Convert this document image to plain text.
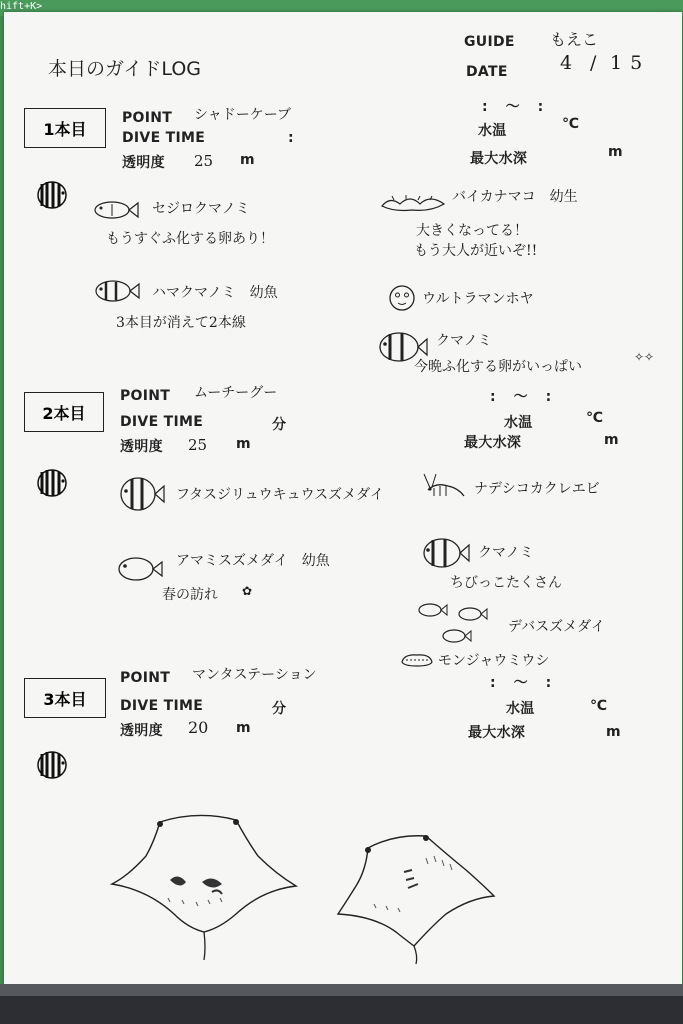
hift+K>
本日のガイドLOG
GUIDE もえこ
DATE	4 / 15
1本目
POINT シャドーケーブ
DIVE TIME	:
透明度 25 m
:　～　:
水温	℃
最大水深	m
セジロクマノミ
もうすぐふ化する卵あり！
ハマクマノミ　幼魚
3本目が消えて2本線
バイカナマコ　幼生
大きくなってる！
もう大人が近いぞ!!
ウルトラマンホヤ
クマノミ
今晩ふ化する卵がいっぱい
✧✧
:　～　:
2本目
POINT ムーチーグー
DIVE TIME	分
透明度 25 m
水温	℃
最大水深	m
フタスジリュウキュウスズメダイ
アマミスズメダイ　幼魚
春の訪れ ✿
ナデシコカクレエビ
クマノミ
ちびっこたくさん
デバスズメダイ
モンジャウミウシ
:　～　:
3本目
POINT マンタステーション
DIVE TIME	分
透明度 20 m
水温	℃
最大水深	m
